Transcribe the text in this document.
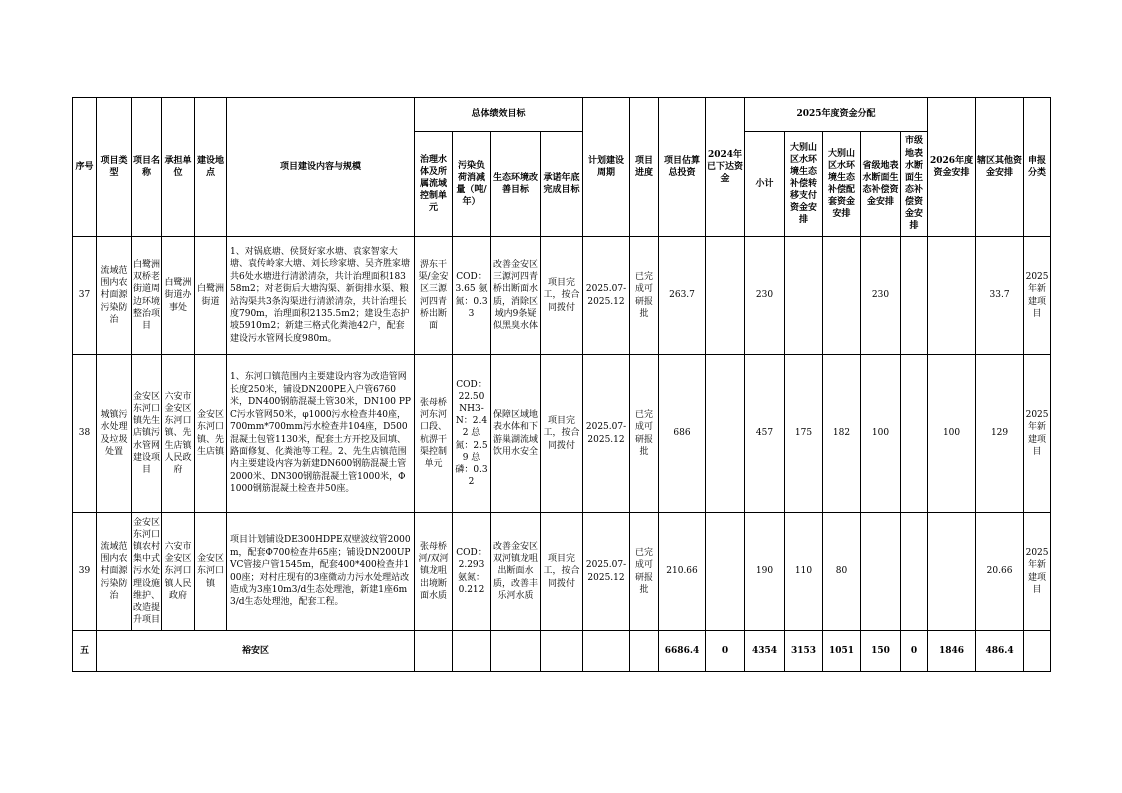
序号	项目类型	项目名称	承担单位	建设地点	项目建设内容与规模	总体绩效目标				计划建设周期	项目进度	项目估算总投资	2024年已下达资金	2025年度资金分配					2026年度资金安排	辖区其他资金安排	申报分类
						治理水体及所属流域控制单元	污染负荷消减量（吨/年）	生态环境改善目标	承诺年底完成目标					小计	大别山区水环境生态补偿转移支付资金安排	大别山区水环境生态补偿配套资金安排	省级地表水断面生态补偿资金安排	市级地表水断面生态补偿资金安排			
37	流域范围内农村面源污染防治	白鹭洲双桥老街道周边环境整治项目	白鹭洲街道办事处	白鹭洲街道	1、对锅底塘、侯贤好家水塘、袁家智家大塘、袁传岭家大塘、刘长珍家塘、吴齐胜家塘共6处水塘进行清淤清杂，共计治理面积18358m2；对老街后大塘沟渠、新街排水渠、粮站沟渠共3条沟渠进行清淤清杂，共计治理长度790m，治理面积2135.5m2；建设生态护坡5910m2；新建三格式化粪池42户，配套建设污水管网长度980m。	淠东干渠/金安区三源河四青桥出断面	COD：3.65 氨氮：0.33	改善金安区三源河四青桥出断面水质，消除区域内9条疑似黑臭水体	项目完工，按合同拨付	2025.07-2025.12	已完成可研报批	263.7		230			230			33.7	2025年新建项目
38	城镇污水处理及垃圾处置	金安区东河口镇先生店镇污水管网建设项目	六安市金安区东河口镇、先生店镇人民政府	金安区东河口镇、先生店镇	1、东河口镇范围内主要建设内容为改造管网长度250米，铺设DN200PE入户管6760米，DN400钢筋混凝土管30米，DN100 PPC污水管网50米，φ1000污水检查井40座，700mm*700mm污水检查井104座，D500混凝土包管1130米，配套土方开挖及回填、路面修复、化粪池等工程。2、先生店镇范围内主要建设内容为新建DN600钢筋混凝土管2000米、DN300钢筋混凝土管1000米，Φ1000钢筋混凝土检查井50座。	张母桥河东河口段、杭淠干渠控制单元	COD：22.50 NH3-N：2.42 总氮：2.59 总磷：0.32	保障区域地表水体和下游巢湖流域饮用水安全	项目完工，按合同拨付	2025.07-2025.12	已完成可研报批	686		457	175	182	100		100	129	2025年新建项目
39	流域范围内农村面源污染防治	金安区东河口镇农村集中式污水处理设施维护、改造提升项目	六安市金安区东河口镇人民政府	金安区东河口镇	项目计划铺设DE300HDPE双壁波纹管2000m，配套Φ700检查井65座；铺设DN200UPVC管接户管1545m，配套400*400检查井100座；对村庄现有的3座微动力污水处理站改造成为3座10m3/d生态处理池，新建1座6m3/d生态处理池，配套工程。	张母桥河/双河镇龙咀出境断面水质	COD：2.293 氨氮：0.212	改善金安区双河镇龙咀出断面水质，改善丰乐河水质	项目完工，按合同拨付	2025.07-2025.12	已完成可研报批	210.66		190	110	80				20.66	2025年新建项目
五	裕安区											6686.4	0	4354	3153	1051	150	0	1846	486.4	
